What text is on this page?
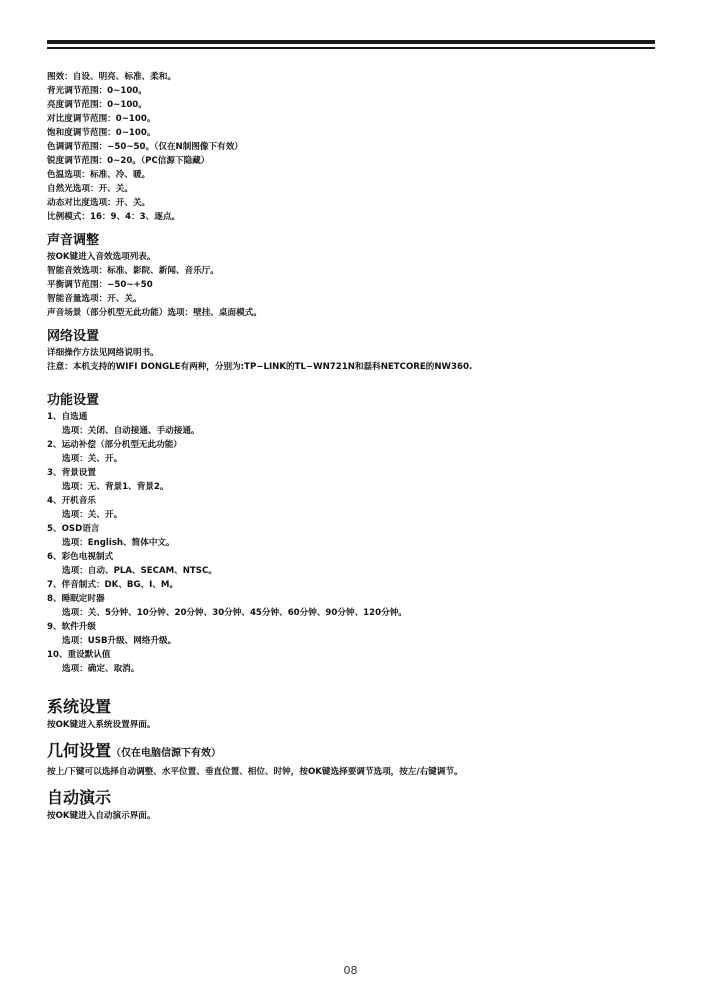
图效：自设、明亮、标准、柔和。
背光调节范围：0~100。
亮度调节范围：0~100。
对比度调节范围：0~100。
饱和度调节范围：0~100。
色调调节范围：−50~50。（仅在N制图像下有效）
锐度调节范围：0~20。（PC信源下隐藏）
色温选项：标准、冷、暖。
自然光选项：开、关。
动态对比度选项：开、关。
比例模式：16：9、4：3、逐点。
声音调整
按OK键进入音效选项列表。
智能音效选项：标准、影院、新闻、音乐厅。
平衡调节范围：−50~+50
智能音量选项：开、关。
声音场景（部分机型无此功能）选项：壁挂、桌面模式。
网络设置
详细操作方法见网络说明书。
注意：本机支持的WIFI DONGLE有两种，分别为:TP−LINK的TL−WN721N和磊科NETCORE的NW360.
功能设置
1、自选通
选项：关闭、自动接通、手动接通。
2、运动补偿（部分机型无此功能）
选项：关、开。
3、背景设置
选项：无、背景1、背景2。
4、开机音乐
选项：关、开。
5、OSD语言
选项：English、简体中文。
6、彩色电视制式
选项：自动、PLA、SECAM、NTSC。
7、伴音制式：DK、BG、I、M。
8、睡眠定时器
选项：关、5分钟、10分钟、20分钟、30分钟、45分钟、60分钟、90分钟、120分钟。
9、软件升级
选项：USB升级、网络升级。
10、重设默认值
选项：确定、取消。
系统设置
按OK键进入系统设置界面。
几何设置（仅在电脑信源下有效）
按上/下键可以选择自动调整、水平位置、垂直位置、相位、时钟，按OK键选择要调节选项，按左/右键调节。
自动演示
按OK键进入自动演示界面。
08
